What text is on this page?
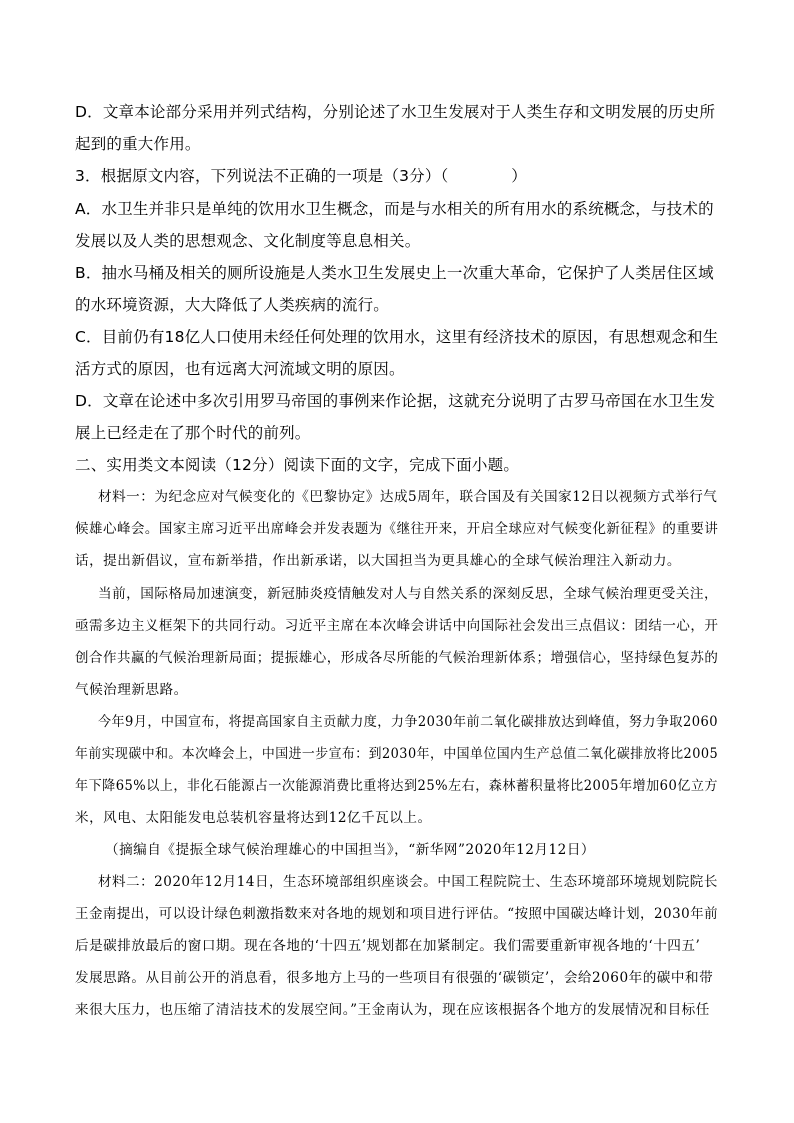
D．文章本论部分采用并列式结构，分别论述了水卫生发展对于人类生存和文明发展的历史所
起到的重大作用。
3．根据原文内容，下列说法不正确的一项是（3分）（　　　　）
A．水卫生并非只是单纯的饮用水卫生概念，而是与水相关的所有用水的系统概念，与技术的
发展以及人类的思想观念、文化制度等息息相关。
B．抽水马桶及相关的厕所设施是人类水卫生发展史上一次重大革命，它保护了人类居住区域
的水环境资源，大大降低了人类疾病的流行。
C．目前仍有18亿人口使用未经任何处理的饮用水，这里有经济技术的原因，有思想观念和生
活方式的原因，也有远离大河流域文明的原因。
D．文章在论述中多次引用罗马帝国的事例来作论据，这就充分说明了古罗马帝国在水卫生发
展上已经走在了那个时代的前列。
二、实用类文本阅读（12分）阅读下面的文字，完成下面小题。
材料一：为纪念应对气候变化的《巴黎协定》达成5周年，联合国及有关国家12日以视频方式举行气
候雄心峰会。国家主席习近平出席峰会并发表题为《继往开来，开启全球应对气候变化新征程》的重要讲
话，提出新倡议，宣布新举措，作出新承诺，以大国担当为更具雄心的全球气候治理注入新动力。
当前，国际格局加速演变，新冠肺炎疫情触发对人与自然关系的深刻反思，全球气候治理更受关注，
亟需多边主义框架下的共同行动。习近平主席在本次峰会讲话中向国际社会发出三点倡议：团结一心，开
创合作共赢的气候治理新局面；提振雄心，形成各尽所能的气候治理新体系；增强信心，坚持绿色复苏的
气候治理新思路。
今年9月，中国宣布，将提高国家自主贡献力度，力争2030年前二氧化碳排放达到峰值，努力争取2060
年前实现碳中和。本次峰会上，中国进一步宣布：到2030年，中国单位国内生产总值二氧化碳排放将比2005
年下降65%以上，非化石能源占一次能源消费比重将达到25%左右，森林蓄积量将比2005年增加60亿立方
米，风电、太阳能发电总装机容量将达到12亿千瓦以上。
（摘编自《提振全球气候治理雄心的中国担当》，“新华网”2020年12月12日）
材料二：2020年12月14日，生态环境部组织座谈会。中国工程院院士、生态环境部环境规划院院长
王金南提出，可以设计绿色刺激指数来对各地的规划和项目进行评估。“按照中国碳达峰计划，2030年前
后是碳排放最后的窗口期。现在各地的‘十四五’规划都在加紧制定。我们需要重新审视各地的‘十四五’
发展思路。从目前公开的消息看，很多地方上马的一些项目有很强的‘碳锁定’，会给2060年的碳中和带
来很大压力，也压缩了清洁技术的发展空间。”王金南认为，现在应该根据各个地方的发展情况和目标任
